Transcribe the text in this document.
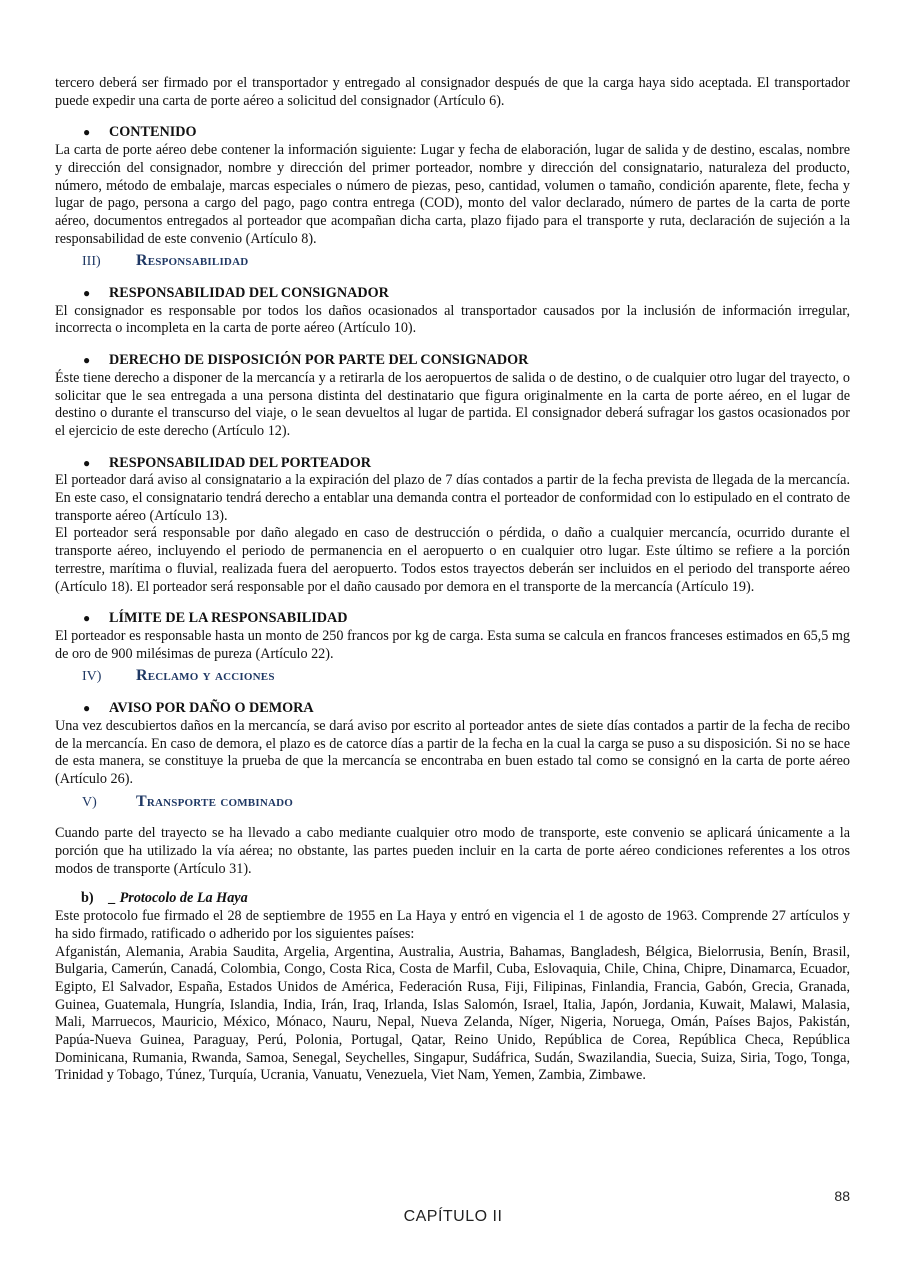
tercero deberá ser firmado por el transportador y entregado al consignador después de que la carga haya sido aceptada. El transportador puede expedir una carta de porte aéreo a solicitud del consignador (Artículo 6).

●	CONTENIDO

La carta de porte aéreo debe contener la información siguiente: Lugar y fecha de elaboración, lugar de salida y de destino, escalas, nombre y dirección del consignador, nombre y dirección del primer porteador, nombre y dirección del consignatario, naturaleza del producto, número, método de embalaje, marcas especiales o número de piezas, peso, cantidad, volumen o tamaño, condición aparente, flete, fecha y lugar de pago, persona a cargo del pago, pago contra entrega (COD), monto del valor declarado, número de partes de la carta de porte aéreo, documentos entregados al porteador que acompañan dicha carta, plazo fijado para el transporte y ruta, declaración de sujeción a la responsabilidad de este convenio (Artículo 8).

III)	Responsabilidad
●	RESPONSABILIDAD DEL CONSIGNADOR

El consignador es responsable por todos los daños ocasionados al transportador causados por la inclusión de información irregular, incorrecta o incompleta en la carta de porte aéreo (Artículo 10).

●	DERECHO DE DISPOSICIÓN POR PARTE DEL CONSIGNADOR

Éste tiene derecho a disponer de la mercancía y a retirarla de los aeropuertos de salida o de destino, o de cualquier otro lugar del trayecto, o solicitar que le sea entregada a una persona distinta del destinatario que figura originalmente en la carta de porte aéreo, en el lugar de destino o durante el transcurso del viaje, o le sean devueltos al lugar de partida. El consignador deberá sufragar los gastos ocasionados por el ejercicio de este derecho (Artículo 12).

●	RESPONSABILIDAD DEL PORTEADOR

El porteador dará aviso al consignatario a la expiración del plazo de 7 días contados a partir de la fecha prevista de llegada de la mercancía. En este caso, el consignatario tendrá derecho a entablar una demanda contra el porteador de conformidad con lo estipulado en el contrato de transporte aéreo (Artículo 13).

El porteador será responsable por daño alegado en caso de destrucción o pérdida, o daño a cualquier mercancía, ocurrido durante el transporte aéreo, incluyendo el periodo de permanencia en el aeropuerto o en cualquier otro lugar. Este último se refiere a la porción terrestre, marítima o fluvial, realizada fuera del aeropuerto. Todos estos trayectos deberán ser incluidos en el periodo del transporte aéreo (Artículo 18). El porteador será responsable por el daño causado por demora en el transporte de la mercancía (Artículo 19).

●	LÍMITE DE LA RESPONSABILIDAD

El porteador es responsable hasta un monto de 250 francos por kg de carga. Esta suma se calcula en francos franceses estimados en 65,5 mg de oro de 900 milésimas de pureza (Artículo 22).

IV)	Reclamo y acciones
●	AVISO POR DAÑO O DEMORA

Una vez descubiertos daños en la mercancía, se dará aviso por escrito al porteador antes de siete días contados a partir de la fecha de recibo de la mercancía. En caso de demora, el plazo es de catorce días a partir de la fecha en la cual la carga se puso a su disposición. Si no se hace de esta manera, se constituye la prueba de que la mercancía se encontraba en buen estado tal como se consignó en la carta de porte aéreo (Artículo 26).

V)	Transporte combinado

Cuando parte del trayecto se ha llevado a cabo mediante cualquier otro modo de transporte, este convenio se aplicará únicamente a la porción que ha utilizado la vía aérea; no obstante, las partes pueden incluir en la carta de porte aéreo condiciones referentes a los otros modos de transporte (Artículo 31).

b)	_ Protocolo de La Haya

Este protocolo fue firmado el 28 de septiembre de 1955 en La Haya y entró en vigencia el 1 de agosto de 1963. Comprende 27 artículos y ha sido firmado, ratificado o adherido por los siguientes países:

Afganistán, Alemania, Arabia Saudita, Argelia, Argentina, Australia, Austria, Bahamas, Bangladesh, Bélgica, Bielorrusia, Benín, Brasil, Bulgaria, Camerún, Canadá, Colombia, Congo, Costa Rica, Costa de Marfil, Cuba, Eslovaquia, Chile, China, Chipre, Dinamarca, Ecuador, Egipto, El Salvador, España, Estados Unidos de América, Federación Rusa, Fiji, Filipinas, Finlandia, Francia, Gabón, Grecia, Granada, Guinea, Guatemala, Hungría, Islandia, India, Irán, Iraq, Irlanda, Islas Salomón, Israel, Italia, Japón, Jordania, Kuwait, Malawi, Malasia, Mali, Marruecos, Mauricio, México, Mónaco, Nauru, Nepal, Nueva Zelanda, Níger, Nigeria, Noruega, Omán, Países Bajos, Pakistán, Papúa-Nueva Guinea, Paraguay, Perú, Polonia, Portugal, Qatar, Reino Unido, República de Corea, República Checa, República Dominicana, Rumania, Rwanda, Samoa, Senegal, Seychelles, Singapur, Sudáfrica, Sudán, Swazilandia, Suecia, Suiza, Siria, Togo, Tonga, Trinidad y Tobago, Túnez, Turquía, Ucrania, Vanuatu, Venezuela, Viet Nam, Yemen, Zambia, Zimbawe.

88
CAPÍTULO II
